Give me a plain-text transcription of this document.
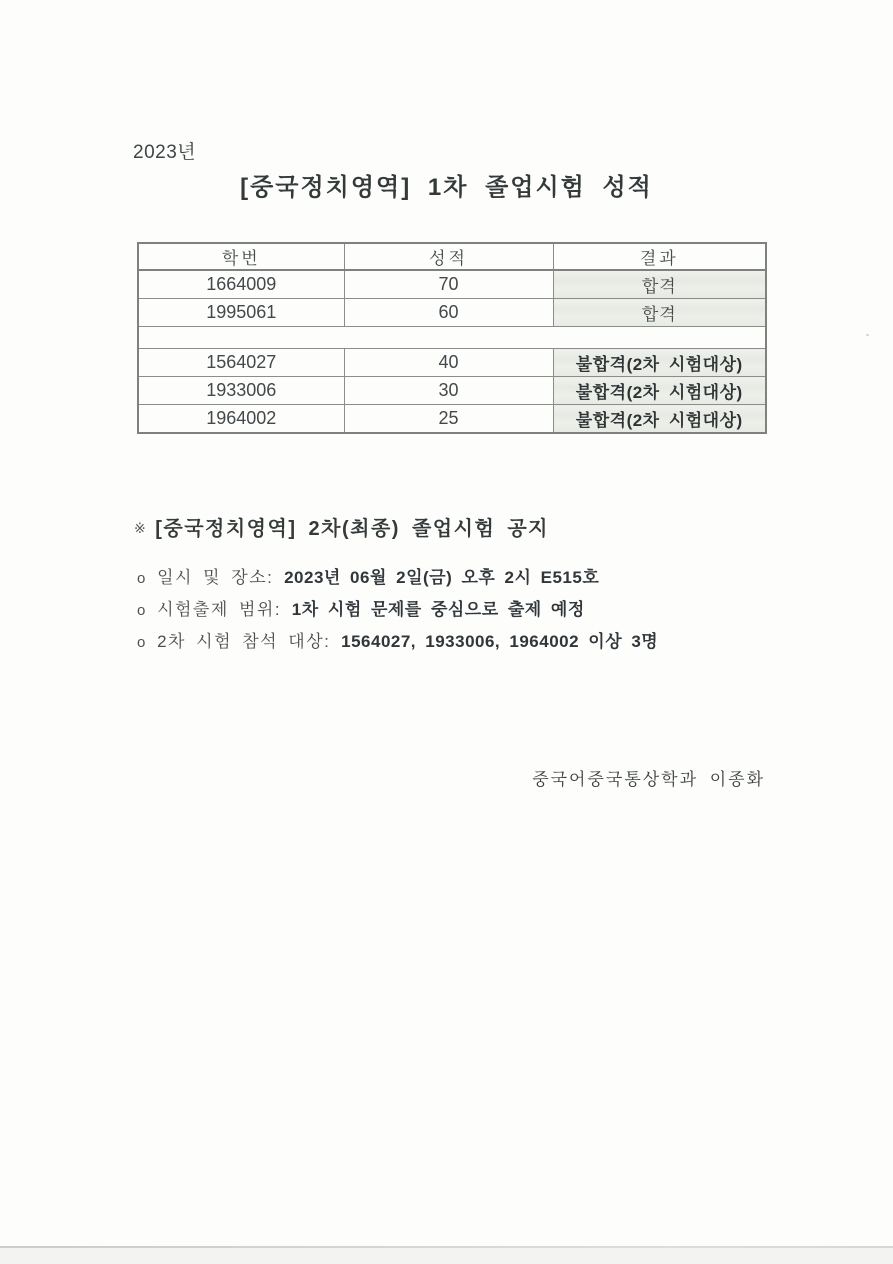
2023년
[중국정치영역] 1차 졸업시험 성적
학번	성적	결과
1664009	70	합격
1995061	60	합격

1564027	40	불합격(2차 시험대상)
1933006	30	불합격(2차 시험대상)
1964002	25	불합격(2차 시험대상)
※ [중국정치영역] 2차(최종) 졸업시험 공지
o 일시 및 장소: 2023년 06월 2일(금) 오후 2시 E515호
o 시험출제 범위: 1차 시험 문제를 중심으로 출제 예정
o 2차 시험 참석 대상: 1564027, 1933006, 1964002 이상 3명
중국어중국통상학과 이종화
